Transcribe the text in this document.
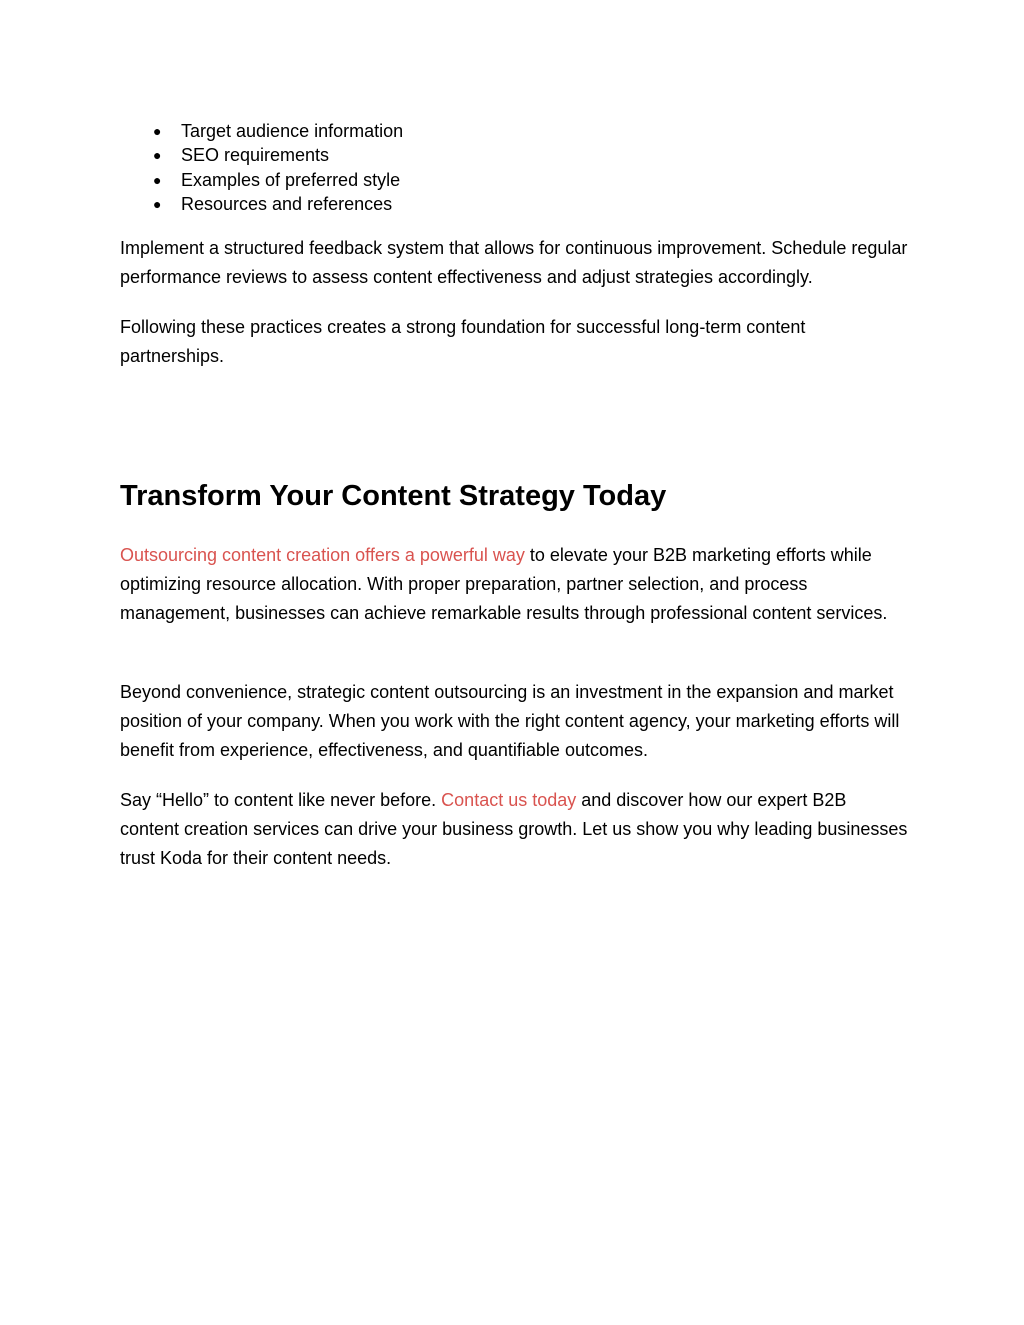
● Target audience information
● SEO requirements
● Examples of preferred style
● Resources and references

Implement a structured feedback system that allows for continuous improvement. Schedule regular performance reviews to assess content effectiveness and adjust strategies accordingly.

Following these practices creates a strong foundation for successful long-term content partnerships.

Transform Your Content Strategy Today

Outsourcing content creation offers a powerful way to elevate your B2B marketing efforts while optimizing resource allocation. With proper preparation, partner selection, and process management, businesses can achieve remarkable results through professional content services.

Beyond convenience, strategic content outsourcing is an investment in the expansion and market position of your company. When you work with the right content agency, your marketing efforts will benefit from experience, effectiveness, and quantifiable outcomes.

Say “Hello” to content like never before. Contact us today and discover how our expert B2B content creation services can drive your business growth. Let us show you why leading businesses trust Koda for their content needs.
